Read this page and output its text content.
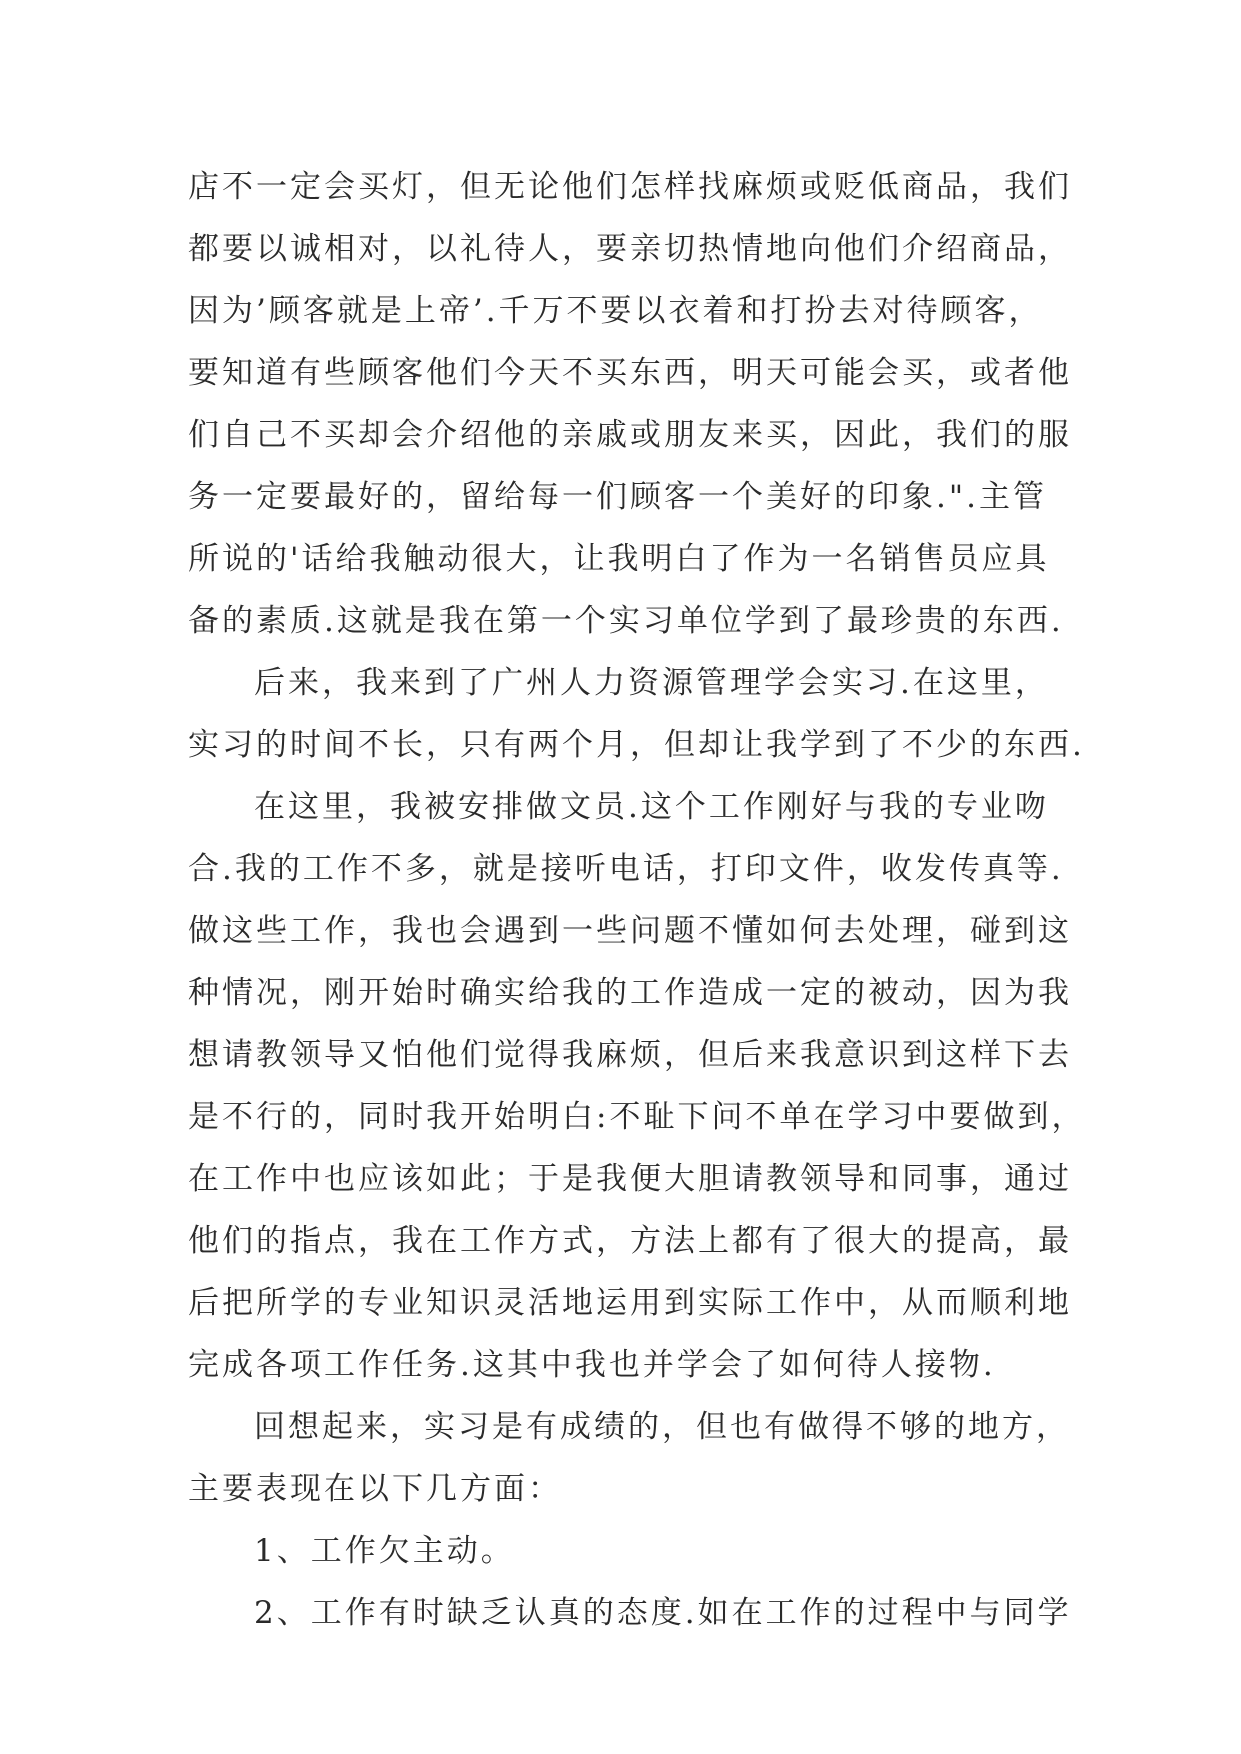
店不一定会买灯，但无论他们怎样找麻烦或贬低商品，我们
都要以诚相对，以礼待人，要亲切热情地向他们介绍商品，
因为’顾客就是上帝’.千万不要以衣着和打扮去对待顾客，
要知道有些顾客他们今天不买东西，明天可能会买，或者他
们自己不买却会介绍他的亲戚或朋友来买，因此，我们的服
务一定要最好的，留给每一们顾客一个美好的印象.".主管
所说的'话给我触动很大，让我明白了作为一名销售员应具
备的素质.这就是我在第一个实习单位学到了最珍贵的东西.
后来，我来到了广州人力资源管理学会实习.在这里，
实习的时间不长，只有两个月，但却让我学到了不少的东西.
在这里，我被安排做文员.这个工作刚好与我的专业吻
合.我的工作不多，就是接听电话，打印文件，收发传真等.
做这些工作，我也会遇到一些问题不懂如何去处理，碰到这
种情况，刚开始时确实给我的工作造成一定的被动，因为我
想请教领导又怕他们觉得我麻烦，但后来我意识到这样下去
是不行的，同时我开始明白:不耻下问不单在学习中要做到，
在工作中也应该如此；于是我便大胆请教领导和同事，通过
他们的指点，我在工作方式，方法上都有了很大的提高，最
后把所学的专业知识灵活地运用到实际工作中，从而顺利地
完成各项工作任务.这其中我也并学会了如何待人接物.
回想起来，实习是有成绩的，但也有做得不够的地方，
主要表现在以下几方面：
1、工作欠主动。
2、工作有时缺乏认真的态度.如在工作的过程中与同学
